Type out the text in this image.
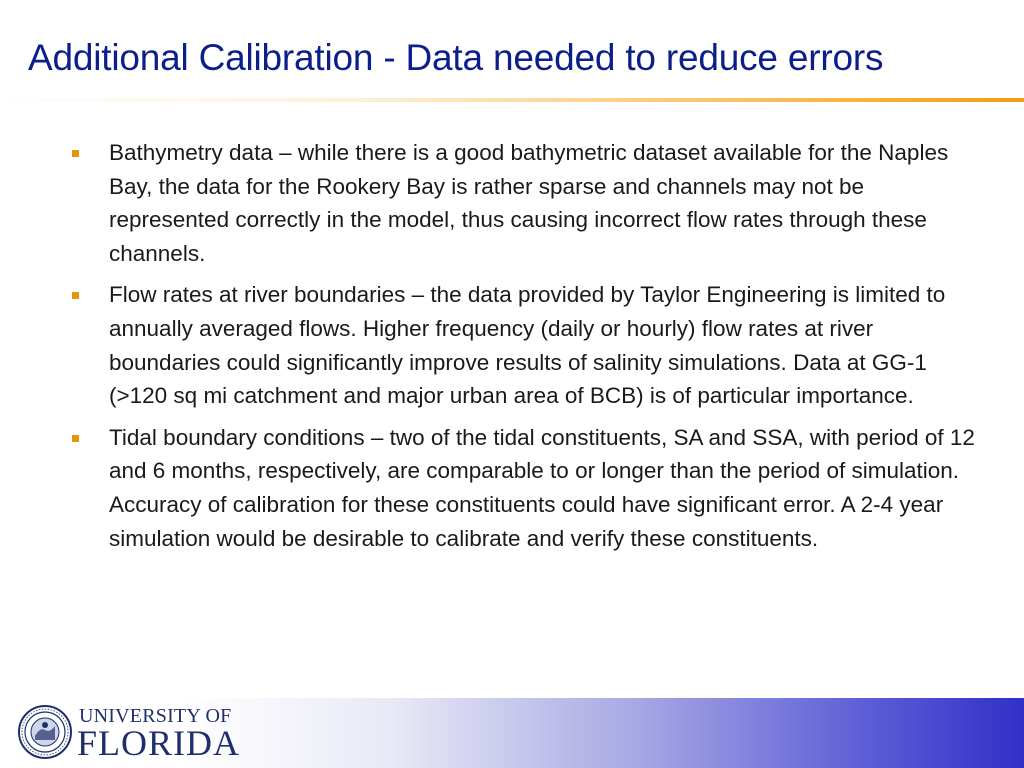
Additional Calibration - Data needed to reduce errors
Bathymetry data – while there is a good bathymetric dataset available for the Naples Bay, the data for the Rookery Bay is rather sparse and channels may not be represented correctly in the model, thus causing incorrect flow rates through these channels.
Flow rates at river boundaries – the data provided by Taylor Engineering is limited to annually averaged flows. Higher frequency (daily or hourly) flow rates at river boundaries could significantly improve results of salinity simulations. Data at GG-1 (>120 sq mi catchment and major urban area of BCB) is of particular importance.
Tidal boundary conditions – two of the tidal constituents, SA and SSA, with period of 12 and 6 months, respectively, are comparable to or longer than the period of simulation. Accuracy of calibration for these constituents could have significant error. A 2-4 year simulation would be desirable to calibrate and verify these constituents.
UNIVERSITY OF
FLORIDA
